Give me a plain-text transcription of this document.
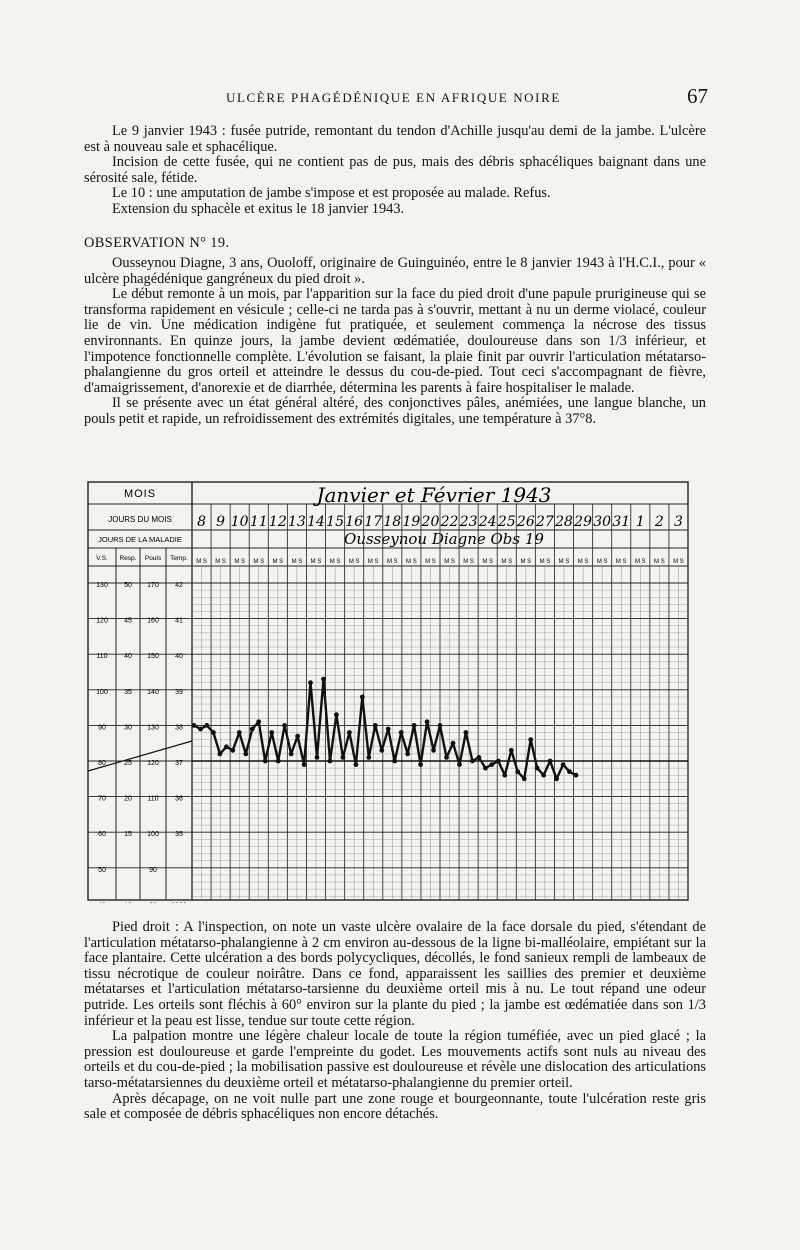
ULCÈRE PHAGÉDÉNIQUE EN AFRIQUE NOIRE	67

Le 9 janvier 1943 : fusée putride, remontant du tendon d'Achille jusqu'au demi de la jambe. L'ulcère est à nouveau sale et sphacélique.

Incision de cette fusée, qui ne contient pas de pus, mais des débris sphacéliques baignant dans une sérosité sale, fétide.

Le 10 : une amputation de jambe s'impose et est proposée au malade. Refus.

Extension du sphacèle et exitus le 18 janvier 1943.

OBSERVATION N° 19.

Ousseynou Diagne, 3 ans, Ouoloff, originaire de Guinguinéo, entre le 8 janvier 1943 à l'H.C.I., pour « ulcère phagédénique gangréneux du pied droit ».

Le début remonte à un mois, par l'apparition sur la face du pied droit d'une papule prurigineuse qui se transforma rapidement en vésicule ; celle-ci ne tarda pas à s'ouvrir, mettant à nu un derme violacé, couleur lie de vin. Une médication indigène fut pratiquée, et seulement commença la nécrose des tissus environnants. En quinze jours, la jambe devient œdématiée, douloureuse dans son 1/3 inférieur, et l'impotence fonctionnelle complète. L'évolution se faisant, la plaie finit par ouvrir l'articulation métatarso-phalangienne du gros orteil et atteindre le dessus du cou-de-pied. Tout ceci s'accompagnant de fièvre, d'amaigrissement, d'anorexie et de diarrhée, détermina les parents à faire hospitaliser le malade.

Il se présente avec un état général altéré, des conjonctives pâles, anémiées, une langue blanche, un pouls petit et rapide, un refroidissement des extrémités digitales, une température à 37°8.

MOIS
JOURS DU MOIS
JOURS DE LA MALADIE
V.S. Resp. Pouls Temp.
Janvier et Février 1943
Ousseynou Diagne Obs 19
8
M S
9
M S
10
M S
11
M S
12
M S
13
M S
14
M S
15
M S
16
M S
17
M S
18
M S
19
M S
20
M S
22
M S
23
M S
24
M S
25
M S
26
M S
27
M S
28
M S
29
M S
30
M S
31
M S
1
M S
2
M S
3
M S
130
120
110
100
90
80
70
60
50
50
45
40
35
30
25
20
15
170
160
150
140
130
120
110
100
90
42
41
40
39
38
37
36
35

Pied droit : A l'inspection, on note un vaste ulcère ovalaire de la face dorsale du pied, s'étendant de l'articulation métatarso-phalangienne à 2 cm environ au-dessous de la ligne bi-malléolaire, empiétant sur la face plantaire. Cette ulcération a des bords polycycliques, décollés, le fond sanieux rempli de lambeaux de tissu nécrotique de couleur noirâtre. Dans ce fond, apparaissent les saillies des premier et deuxième métatarses et l'articulation métatarso-tarsienne du deuxième orteil mis à nu. Le tout répand une odeur putride. Les orteils sont fléchis à 60° environ sur la plante du pied ; la jambe est œdématiée dans son 1/3 inférieur et la peau est lisse, tendue sur toute cette région.

La palpation montre une légère chaleur locale de toute la région tuméfiée, avec un pied glacé ; la pression est douloureuse et garde l'empreinte du godet. Les mouvements actifs sont nuls au niveau des orteils et du cou-de-pied ; la mobilisation passive est douloureuse et révèle une dislocation des articulations tarso-métatarsiennes du deuxième orteil et métatarso-phalangienne du premier orteil.

Après décapage, on ne voit nulle part une zone rouge et bourgeonnante, toute l'ulcération reste gris sale et composée de débris sphacéliques non encore détachés.
